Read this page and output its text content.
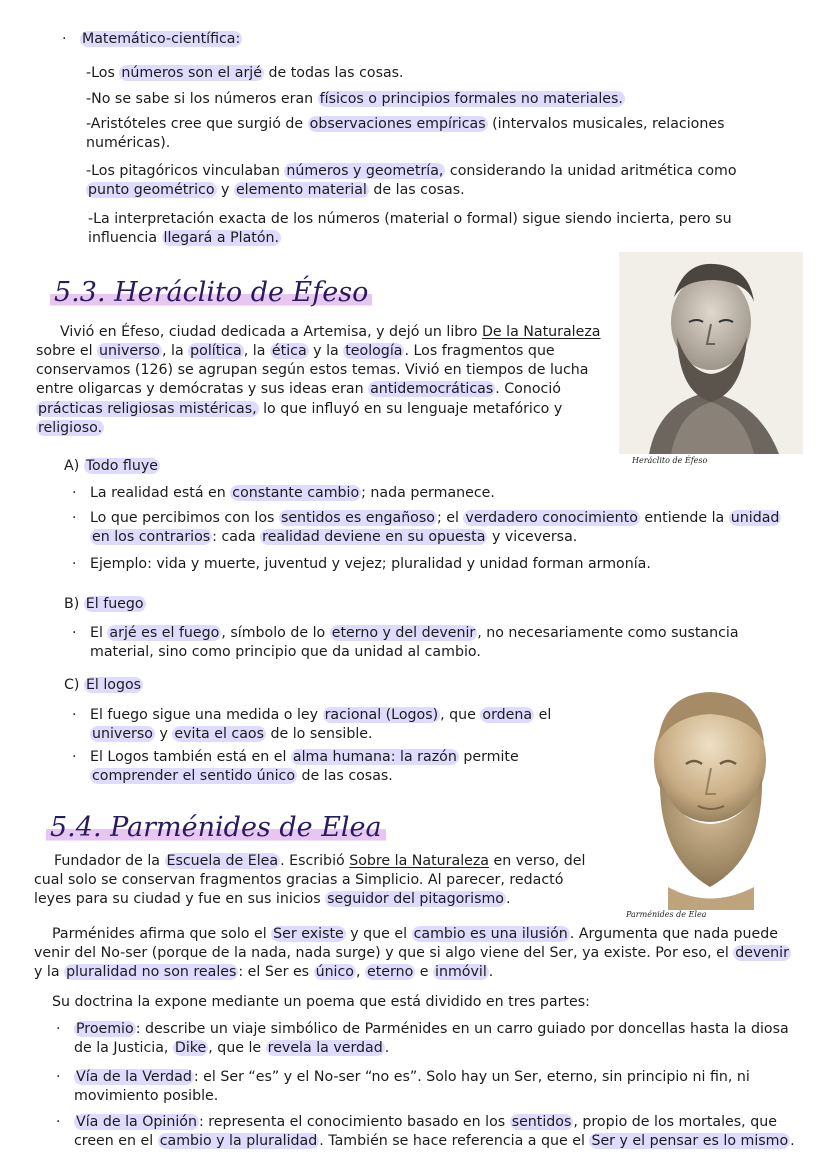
· Matemático-científica:
-Los números son el arjé de todas las cosas.
-No se sabe si los números eran físicos o principios formales no materiales.
-Aristóteles cree que surgió de observaciones empíricas (intervalos musicales, relaciones
numéricas).
-Los pitagóricos vinculaban números y geometría, considerando la unidad aritmética como
punto geométrico y elemento material de las cosas.
-La interpretación exacta de los números (material o formal) sigue siendo incierta, pero su
influencia llegará a Platón.
5.3. Heráclito de Éfeso
Heráclito de Éfeso
Vivió en Éfeso, ciudad dedicada a Artemisa, y dejó un libro De la Naturaleza
sobre el universo , la política , la ética y la teología . Los fragmentos que
conservamos (126) se agrupan según estos temas. Vivió en tiempos de lucha
entre oligarcas y demócratas y sus ideas eran antidemocráticas . Conoció
prácticas religiosas mistéricas, lo que influyó en su lenguaje metafórico y
religioso.
A) Todo fluye
· La realidad está en constante cambio ; nada permanece.
· Lo que percibimos con los sentidos es engañoso ; el verdadero conocimiento entiende la unidad
en los contrarios : cada realidad deviene en su opuesta y viceversa.
· Ejemplo: vida y muerte, juventud y vejez; pluralidad y unidad forman armonía.
B) El fuego
· El arjé es el fuego , símbolo de lo eterno y del devenir , no necesariamente como sustancia
material, sino como principio que da unidad al cambio.
C) El logos
· El fuego sigue una medida o ley racional (Logos) , que ordena el
universo y evita el caos de lo sensible.
· El Logos también está en el alma humana: la razón permite
comprender el sentido único de las cosas.
Parménides de Elea
5.4. Parménides de Elea
Fundador de la Escuela de Elea . Escribió Sobre la Naturaleza en verso, del
cual solo se conservan fragmentos gracias a Simplicio. Al parecer, redactó
leyes para su ciudad y fue en sus inicios seguidor del pitagorismo .
Parménides afirma que solo el Ser existe y que el cambio es una ilusión . Argumenta que nada puede
venir del No-ser (porque de la nada, nada surge) y que si algo viene del Ser, ya existe. Por eso, el devenir
y la pluralidad no son reales : el Ser es único , eterno e inmóvil .
Su doctrina la expone mediante un poema que está dividido en tres partes:
· Proemio : describe un viaje simbólico de Parménides en un carro guiado por doncellas hasta la diosa
de la Justicia, Dike , que le revela la verdad .
· Vía de la Verdad : el Ser “es” y el No-ser “no es”. Solo hay un Ser, eterno, sin principio ni fin, ni
movimiento posible.
· Vía de la Opinión : representa el conocimiento basado en los sentidos , propio de los mortales, que
creen en el cambio y la pluralidad . También se hace referencia a que el Ser y el pensar es lo mismo .
